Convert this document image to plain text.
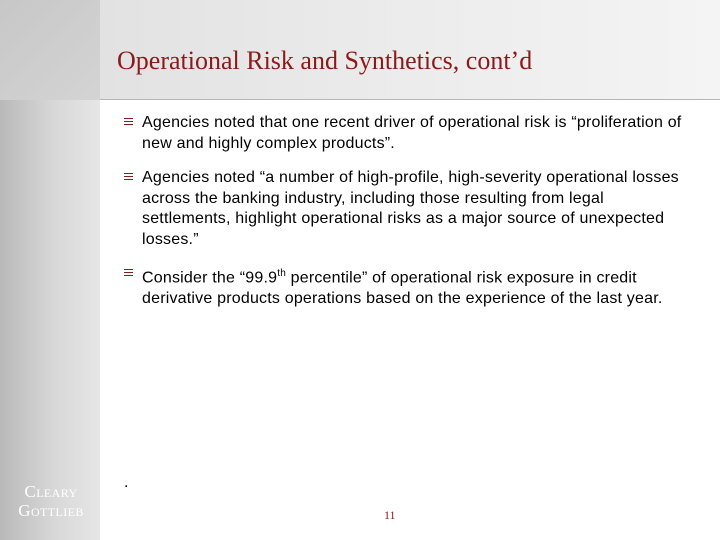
Operational Risk and Synthetics, cont’d
Agencies noted that one recent driver of operational risk is “proliferation of new and highly complex products”.
Agencies noted “a number of high-profile, high-severity operational losses across the banking industry, including those resulting from legal settlements, highlight operational risks as a major source of unexpected losses.”
Consider the “99.9th percentile” of operational risk exposure in credit derivative products operations based on the experience of the last year.
.
11
Cleary
Gottlieb
